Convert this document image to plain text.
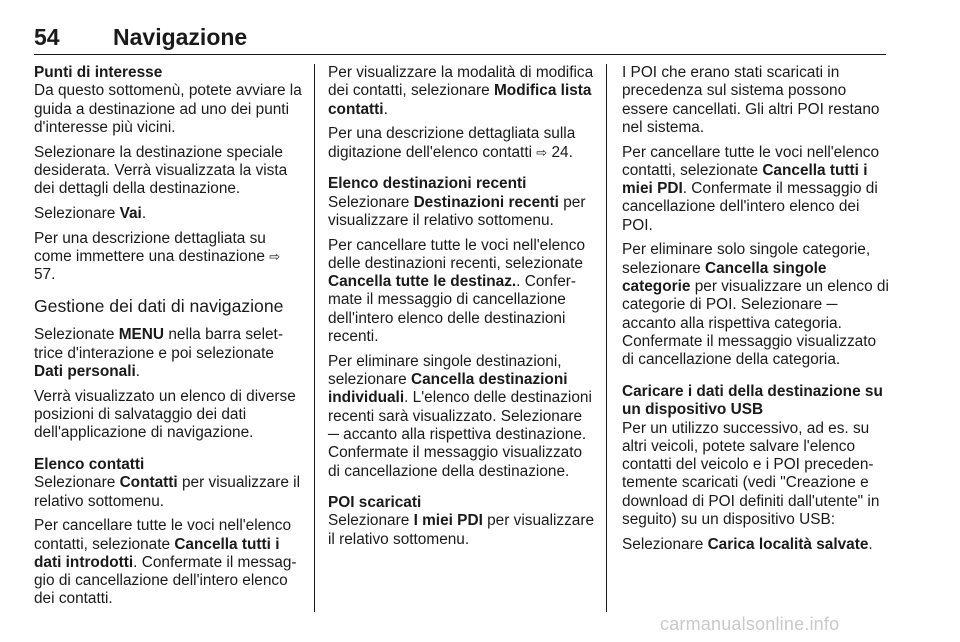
54 Navigazione

Punti di interesse

Da questo sottomenù, potete avviare la guida a destinazione ad uno dei punti d'interesse più vicini.

Selezionare la destinazione speciale desiderata. Verrà visualizzata la vista dei dettagli della destinazione.

Selezionare Vai.

Per una descrizione dettagliata su come immettere una destinazione ⇨ 57.

Gestione dei dati di navigazione

Selezionate MENU nella barra selettrice d'interazione e poi selezionate Dati personali.

Verrà visualizzato un elenco di diverse posizioni di salvataggio dei dati dell'applicazione di navigazione.

Elenco contatti

Selezionare Contatti per visualizzare il relativo sottomenu.

Per cancellare tutte le voci nell'elenco contatti, selezionate Cancella tutti i dati introdotti. Confermate il messaggio di cancellazione dell'intero elenco dei contatti.

Per visualizzare la modalità di modifica dei contatti, selezionare Modifica lista contatti.

Per una descrizione dettagliata sulla digitazione dell'elenco contatti ⇨ 24.

Elenco destinazioni recenti

Selezionare Destinazioni recenti per visualizzare il relativo sottomenu.

Per cancellare tutte le voci nell'elenco delle destinazioni recenti, selezionate Cancella tutte le destinaz.. Confermate il messaggio di cancellazione dell'intero elenco delle destinazioni recenti.

Per eliminare singole destinazioni, selezionare Cancella destinazioni individuali. L'elenco delle destinazioni recenti sarà visualizzato. Selezionare ─ accanto alla rispettiva destinazione. Confermate il messaggio visualizzato di cancellazione della destinazione.

POI scaricati

Selezionare I miei PDI per visualizzare il relativo sottomenu.

I POI che erano stati scaricati in precedenza sul sistema possono essere cancellati. Gli altri POI restano nel sistema.

Per cancellare tutte le voci nell'elenco contatti, selezionate Cancella tutti i miei PDI. Confermate il messaggio di cancellazione dell'intero elenco dei POI.

Per eliminare solo singole categorie, selezionare Cancella singole categorie per visualizzare un elenco di categorie di POI. Selezionare ─ accanto alla rispettiva categoria. Confermate il messaggio visualizzato di cancellazione della categoria.

Caricare i dati della destinazione su un dispositivo USB

Per un utilizzo successivo, ad es. su altri veicoli, potete salvare l'elenco contatti del veicolo e i POI precedentemente scaricati (vedi "Creazione e download di POI definiti dall'utente" in seguito) su un dispositivo USB:

Selezionare Carica località salvate.

carmanualsonline.info
